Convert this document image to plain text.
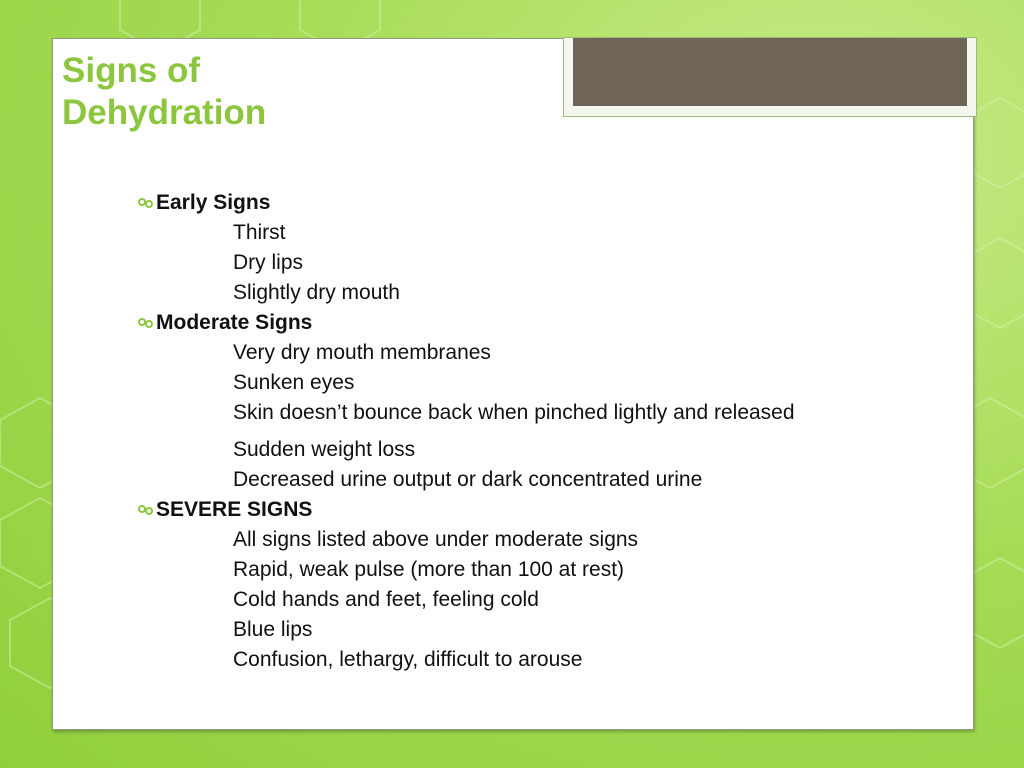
Signs of
Dehydration
Early Signs
Thirst
Dry lips
Slightly dry mouth
Moderate Signs
Very dry mouth membranes
Sunken eyes
Skin doesn’t bounce back when pinched lightly and released
Sudden weight loss
Decreased urine output or dark concentrated urine
SEVERE SIGNS
All signs listed above under moderate signs
Rapid, weak pulse (more than 100 at rest)
Cold hands and feet, feeling cold
Blue lips
Confusion, lethargy, difficult to arouse
